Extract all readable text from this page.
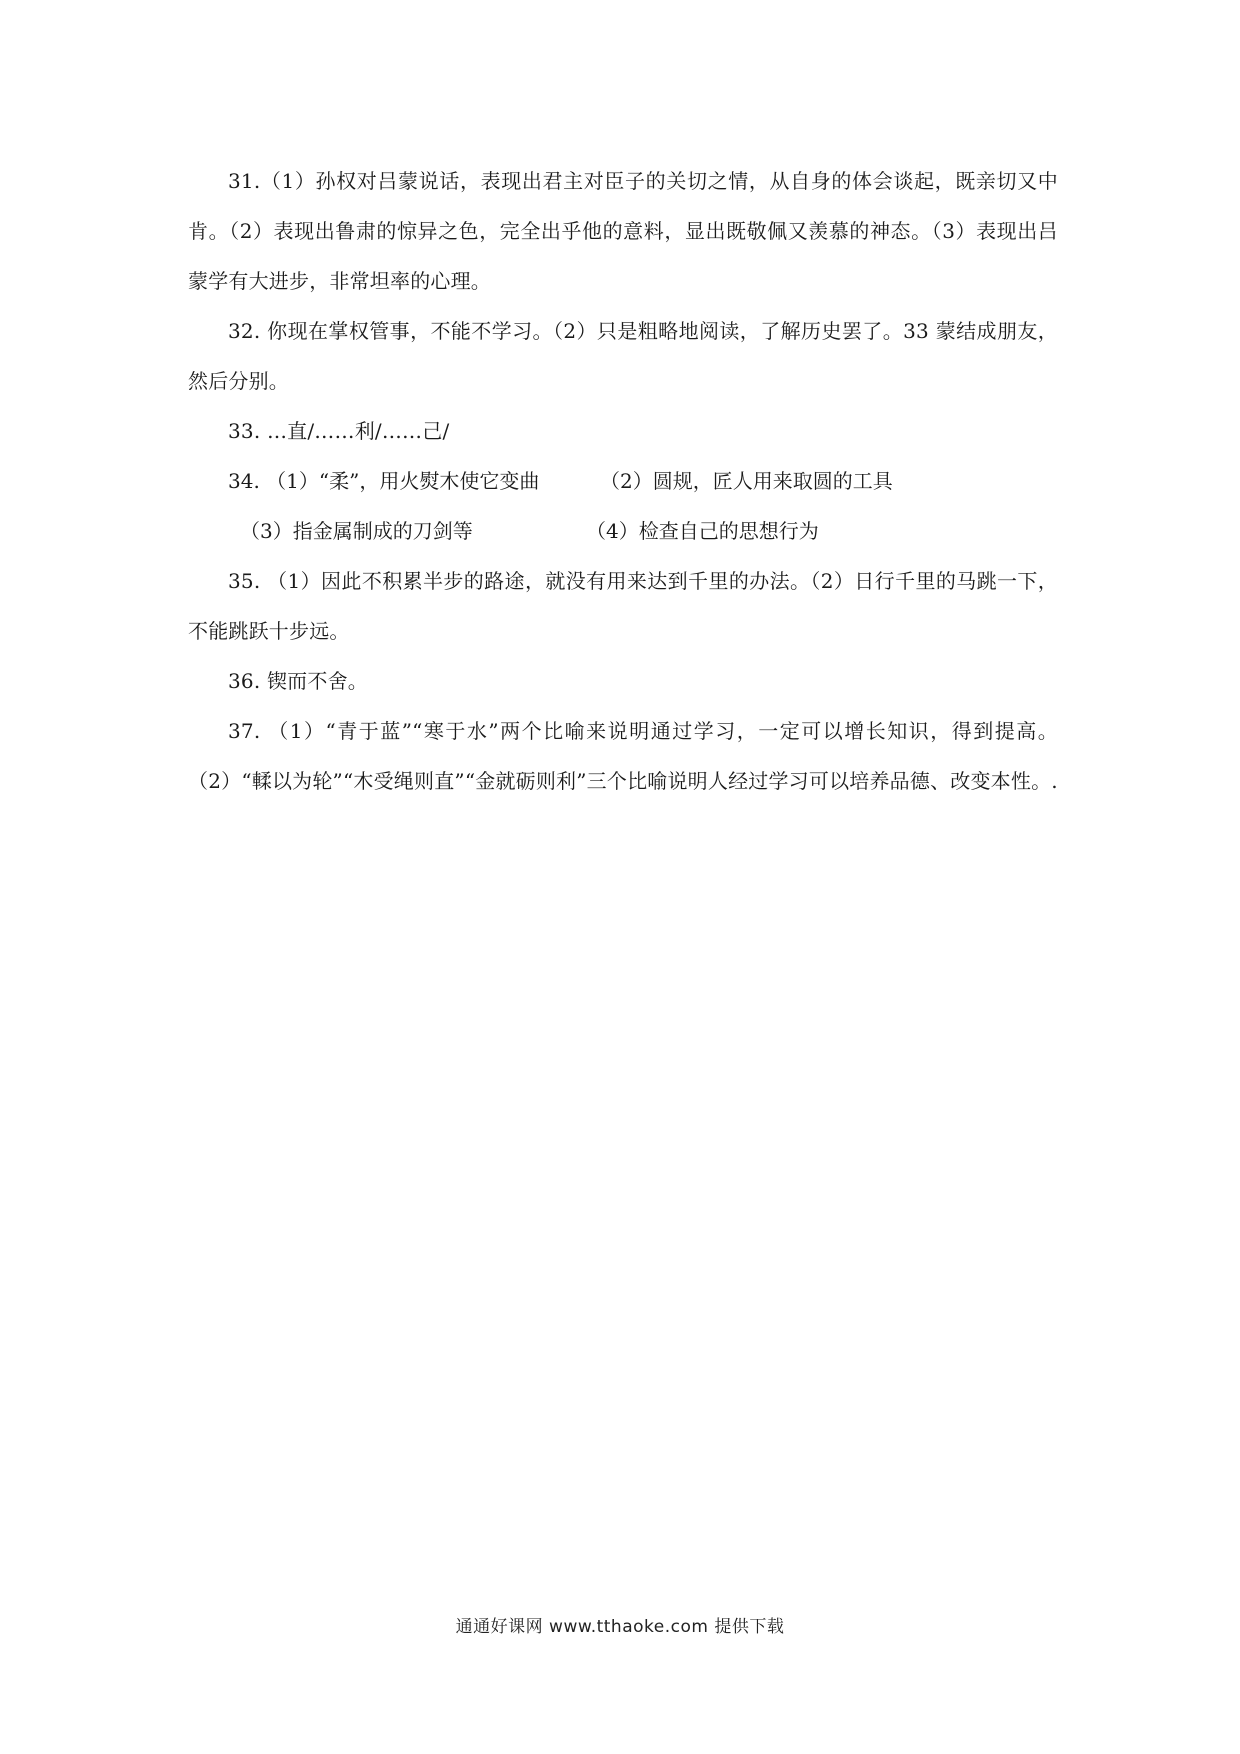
31.（1）孙权对吕蒙说话，表现出君主对臣子的关切之情，从自身的体会谈起，既亲切又中肯。（2）表现出鲁肃的惊异之色，完全出乎他的意料，显出既敬佩又羡慕的神态。（3）表现出吕蒙学有大进步，非常坦率的心理。

32. 你现在掌权管事，不能不学习。（2）只是粗略地阅读，了解历史罢了。33 蒙结成朋友，然后分别。

33. …直/……利/……己/

34. （1）“柔”，用火熨木使它变曲	（2）圆规，匠人用来取圆的工具
（3）指金属制成的刀剑等	（4）检查自己的思想行为

35. （1）因此不积累半步的路途，就没有用来达到千里的办法。（2）日行千里的马跳一下，不能跳跃十步远。

36. 锲而不舍。

37. （1）“青于蓝”“寒于水”两个比喻来说明通过学习，一定可以增长知识，得到提高。（2）“輮以为轮”“木受绳则直”“金就砺则利”三个比喻说明人经过学习可以培养品德、改变本性。.

通通好课网 www.tthaoke.com 提供下载
